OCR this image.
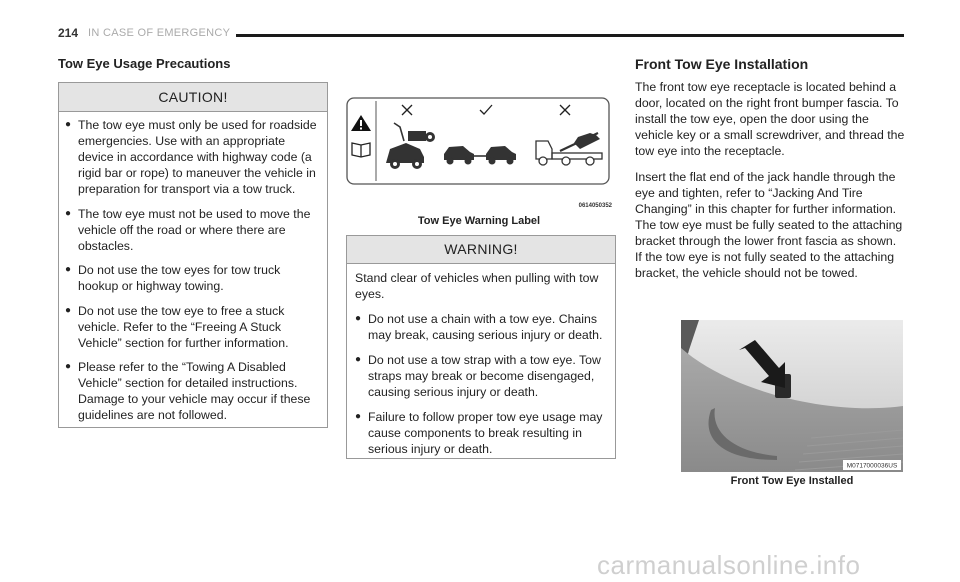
214 IN CASE OF EMERGENCY
Tow Eye Usage Precautions
CAUTION!
● The tow eye must only be used for roadside emergencies. Use with an appropriate device in accordance with highway code (a rigid bar or rope) to maneuver the vehicle in preparation for transport via a tow truck.
● The tow eye must not be used to move the vehicle off the road or where there are obstacles.
● Do not use the tow eyes for tow truck hookup or highway towing.
● Do not use the tow eye to free a stuck vehicle. Refer to the “Freeing A Stuck Vehicle” section for further information.
● Please refer to the “Towing A Disabled Vehicle” section for detailed instructions. Damage to your vehicle may occur if these guidelines are not followed.
0614050352
Tow Eye Warning Label
WARNING!
Stand clear of vehicles when pulling with tow eyes.
● Do not use a chain with a tow eye. Chains may break, causing serious injury or death.
● Do not use a tow strap with a tow eye. Tow straps may break or become disengaged, causing serious injury or death.
● Failure to follow proper tow eye usage may cause components to break resulting in serious injury or death.
Front Tow Eye Installation

The front tow eye receptacle is located behind a door, located on the right front bumper fascia. To install the tow eye, open the door using the vehicle key or a small screwdriver, and thread the tow eye into the receptacle.

Insert the flat end of the jack handle through the eye and tighten, refer to “Jacking And Tire Changing” in this chapter for further information. The tow eye must be fully seated to the attaching bracket through the lower front fascia as shown. If the tow eye is not fully seated to the attaching bracket, the vehicle should not be towed.

M0717000036US
Front Tow Eye Installed
carmanualsonline.info
